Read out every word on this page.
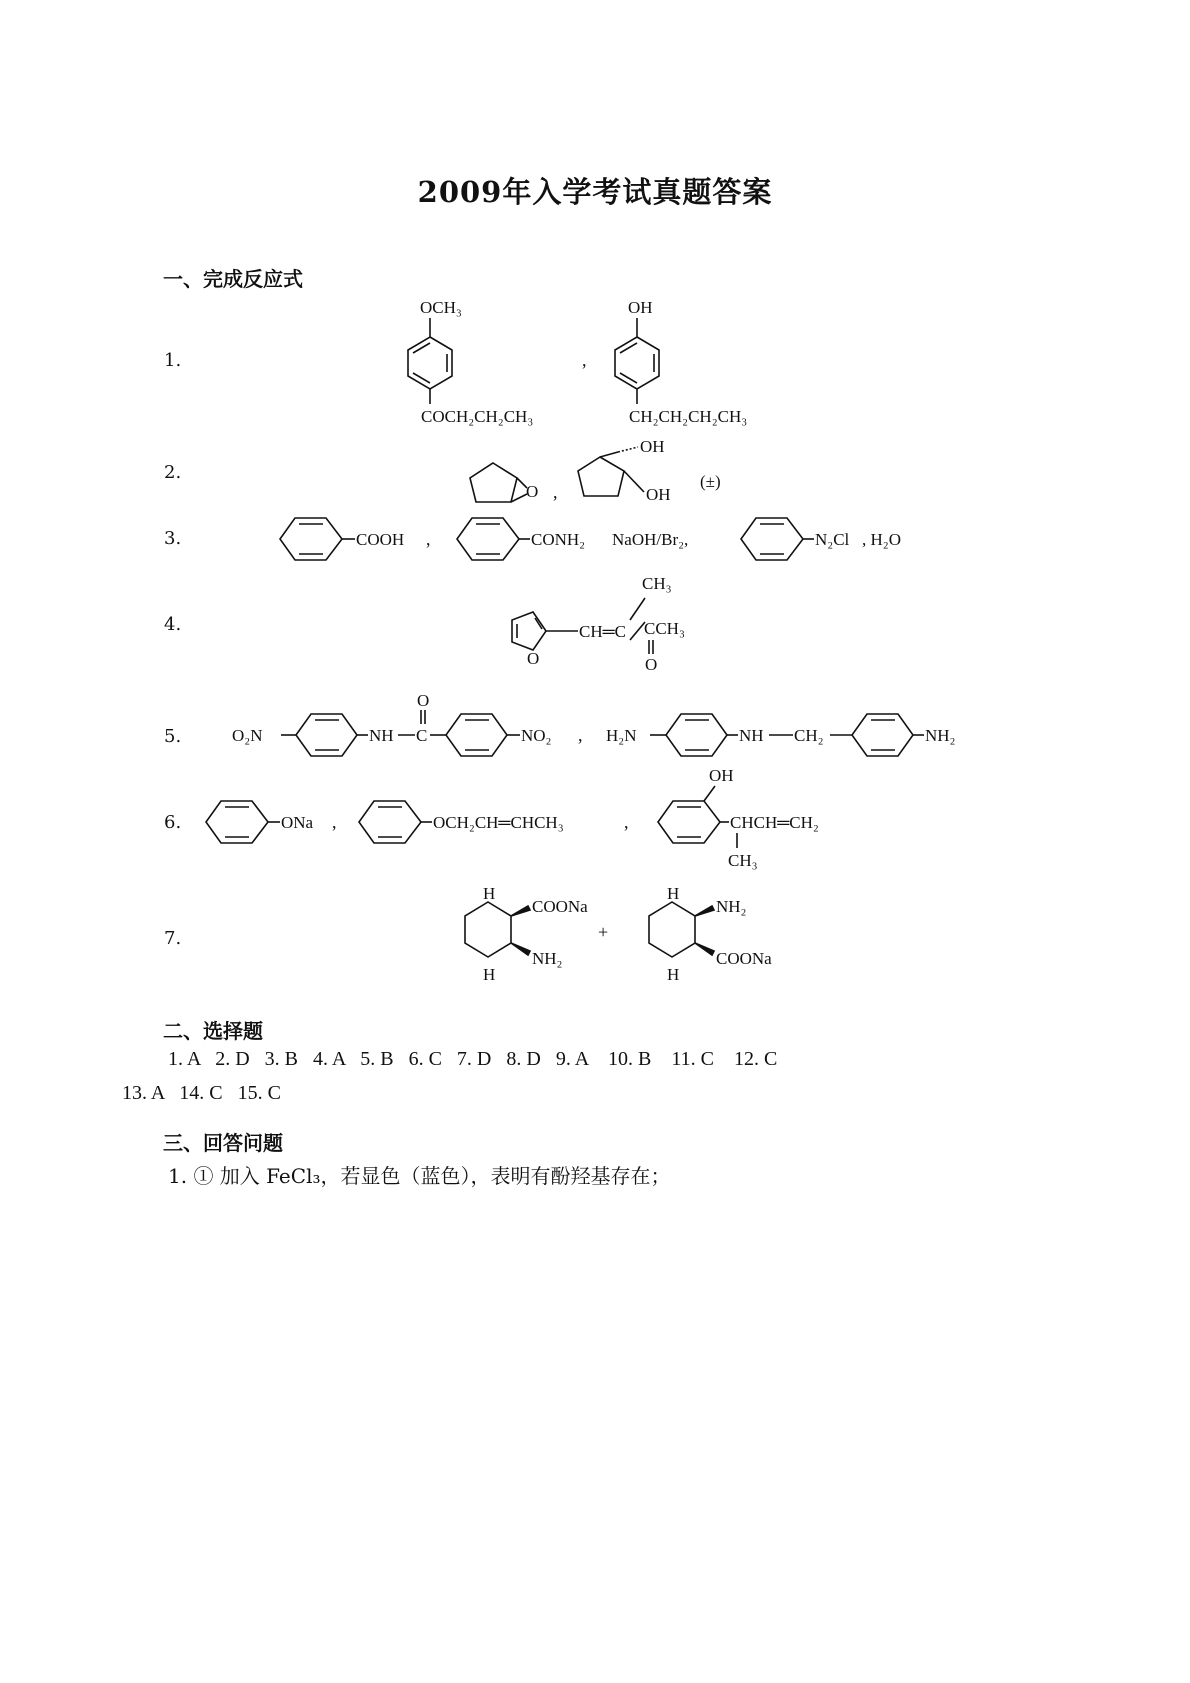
2009年入学考试真题答案
一、完成反应式
1.
2.
3.
4.
5.
6.
7.
OCH₃
COCH₂CH₂CH₃
,
OH
CH₂CH₂CH₂CH₃
O ,
OH
OH
(±)
COOH ,	CONH₂ NaOH/Br₂,	N₂Cl , H₂O
O
CH═C
CH₃
CCH₃
O
O₂N	NH C
O
NO₂ , H₂N	NH CH₂	NH₂
ONa ,	OCH₂CH═CHCH₃	,
OH
CHCH═CH₂
CH₃
H
COONa
NH₂
H
+
H
NH₂
COONa
H
二、选择题
1. A   2. D   3. B   4. A   5. B   6. C   7. D   8. D   9. A    10. B    11. C    12. C
13. A   14. C   15. C
三、回答问题
1. ① 加入 FeCl₃，若显色（蓝色），表明有酚羟基存在；
